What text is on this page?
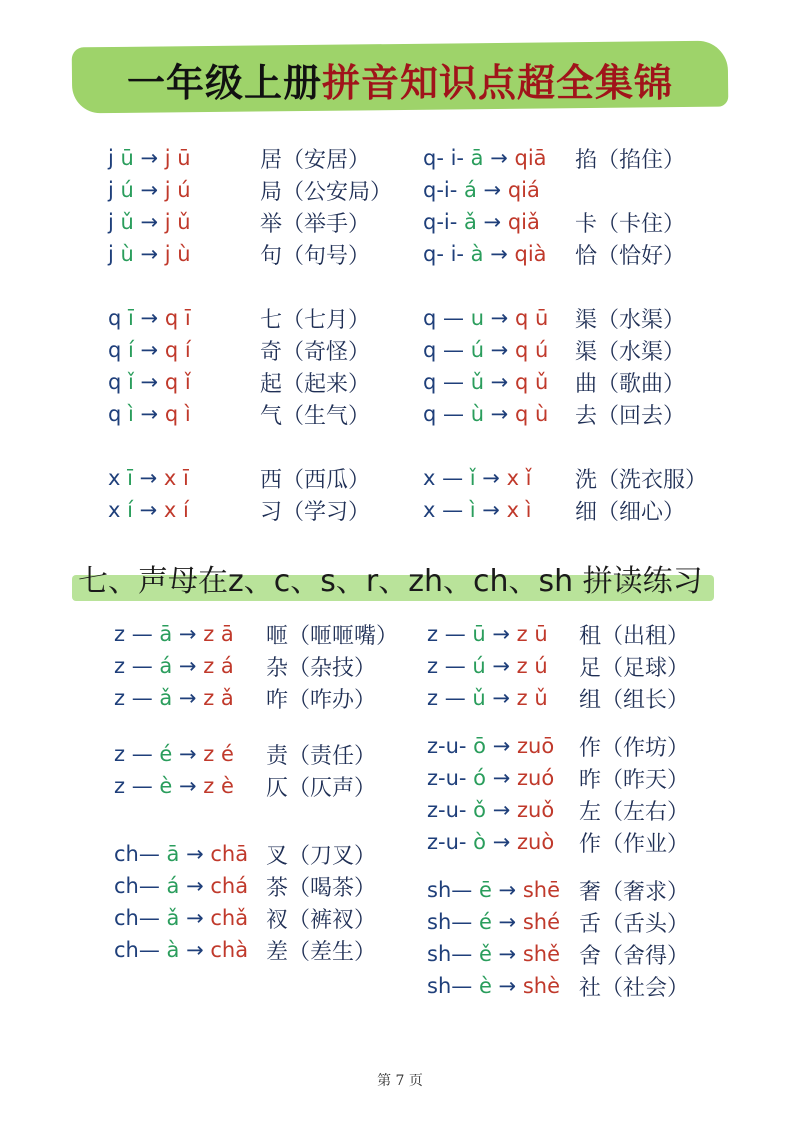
一年级上册拼音知识点超全集锦
j ū → j ū	居（安居）
j ú → j ú	局（公安局）
j ǔ → j ǔ	举（举手）
j ù → j ù	句（句号）
q ī → q ī	七（七月）
q í → q í	奇（奇怪）
q ǐ → q ǐ	起（起来）
q ì → q ì	气（生气）
x ī → x ī	西（西瓜）
x í → x í	习（学习）
q- i- ā → qiā	掐（掐住）
q-i- á → qiá
q-i- ǎ → qiǎ	卡（卡住）
q- i- à → qià	恰（恰好）
q — u → q ū	渠（水渠）
q — ú → q ú	渠（水渠）
q — ǔ → q ǔ	曲（歌曲）
q — ù → q ù	去（回去）
x — ǐ → x ǐ	洗（洗衣服）
x — ì → x ì	细（细心）
七、声母在z、c、s、r、zh、ch、sh 拼读练习
z — ā → z ā	咂（咂咂嘴）
z — á → z á	杂（杂技）
z — ǎ → z ǎ	咋（咋办）
z — é → z é	责（责任）
z — è → z è	仄（仄声）
ch— ā → chā 叉（刀叉）
ch— á → chá 茶（喝茶）
ch— ǎ → chǎ 衩（裤衩）
ch— à → chà 差（差生）
z — ū → z ū	租（出租）
z — ú → z ú	足（足球）
z — ǔ → z ǔ	组（组长）
z-u- ō → zuō	作（作坊）
z-u- ó → zuó	昨（昨天）
z-u- ǒ → zuǒ	左（左右）
z-u- ò → zuò	作（作业）
sh— ē → shē 奢（奢求）
sh— é → shé 舌（舌头）
sh— ě → shě 舍（舍得）
sh— è → shè 社（社会）
第 7 页
